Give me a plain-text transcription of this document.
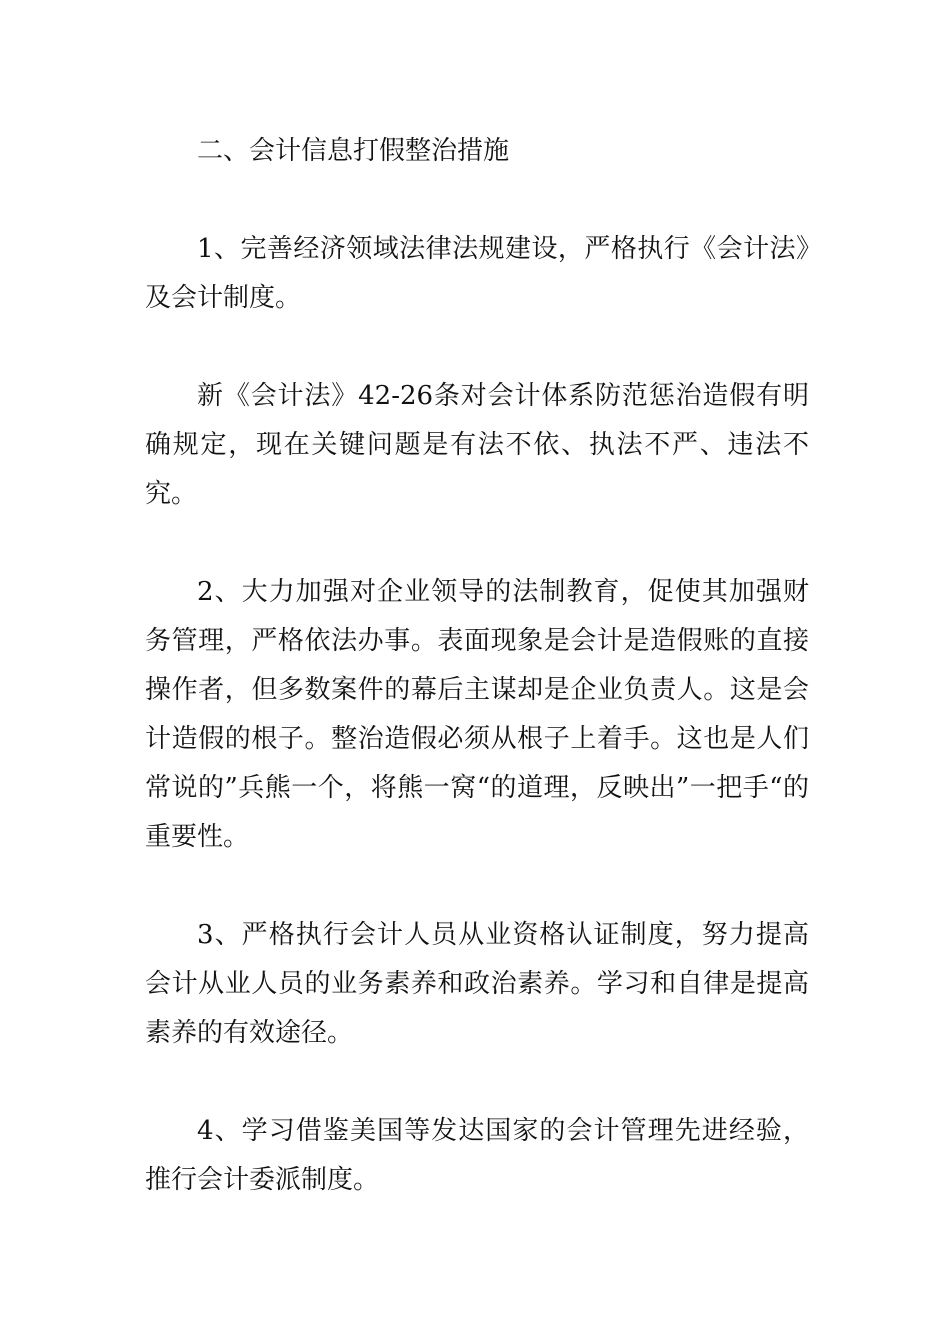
二、会计信息打假整治措施

1、完善经济领域法律法规建设，严格执行《会计法》及会计制度。

新《会计法》42-26条对会计体系防范惩治造假有明确规定，现在关键问题是有法不依、执法不严、违法不究。

2、大力加强对企业领导的法制教育，促使其加强财务管理，严格依法办事。表面现象是会计是造假账的直接操作者，但多数案件的幕后主谋却是企业负责人。这是会计造假的根子。整治造假必须从根子上着手。这也是人们常说的”兵熊一个，将熊一窝“的道理，反映出”一把手“的重要性。

3、严格执行会计人员从业资格认证制度，努力提高会计从业人员的业务素养和政治素养。学习和自律是提高素养的有效途径。

4、学习借鉴美国等发达国家的会计管理先进经验，推行会计委派制度。
